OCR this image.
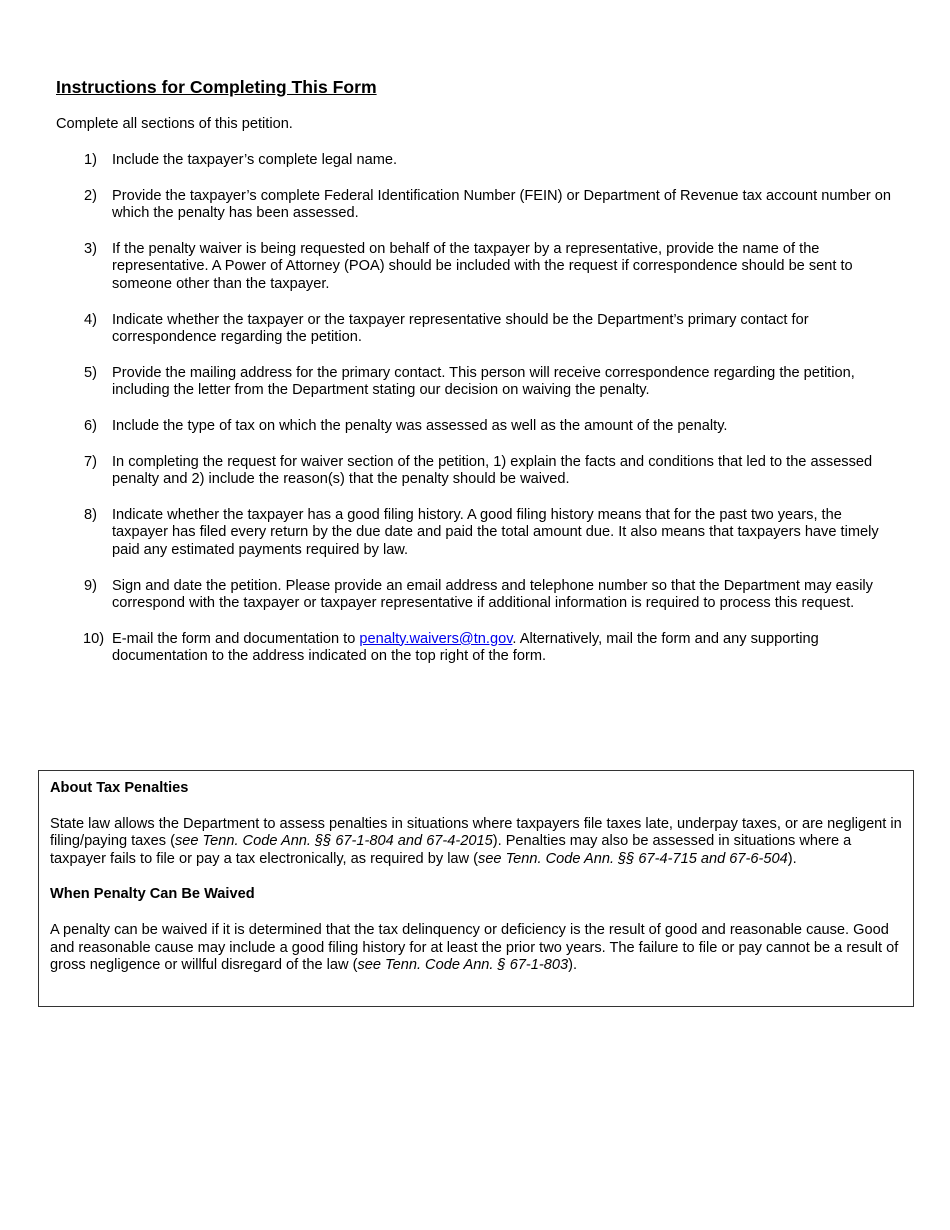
Instructions for Completing This Form
Complete all sections of this petition.
1) Include the taxpayer’s complete legal name.
2) Provide the taxpayer’s complete Federal Identification Number (FEIN) or Department of Revenue tax account number on which the penalty has been assessed.
3) If the penalty waiver is being requested on behalf of the taxpayer by a representative, provide the name of the representative. A Power of Attorney (POA) should be included with the request if correspondence should be sent to someone other than the taxpayer.
4) Indicate whether the taxpayer or the taxpayer representative should be the Department’s primary contact for correspondence regarding the petition.
5) Provide the mailing address for the primary contact. This person will receive correspondence regarding the petition, including the letter from the Department stating our decision on waiving the penalty.
6) Include the type of tax on which the penalty was assessed as well as the amount of the penalty.
7) In completing the request for waiver section of the petition, 1) explain the facts and conditions that led to the assessed penalty and 2) include the reason(s) that the penalty should be waived.
8) Indicate whether the taxpayer has a good filing history. A good filing history means that for the past two years, the taxpayer has filed every return by the due date and paid the total amount due. It also means that taxpayers have timely paid any estimated payments required by law.
9) Sign and date the petition. Please provide an email address and telephone number so that the Department may easily correspond with the taxpayer or taxpayer representative if additional information is required to process this request.
10) E-mail the form and documentation to penalty.waivers@tn.gov. Alternatively, mail the form and any supporting documentation to the address indicated on the top right of the form.
About Tax Penalties

State law allows the Department to assess penalties in situations where taxpayers file taxes late, underpay taxes, or are negligent in filing/paying taxes (see Tenn. Code Ann. §§ 67-1-804 and 67-4-2015). Penalties may also be assessed in situations where a taxpayer fails to file or pay a tax electronically, as required by law (see Tenn. Code Ann. §§ 67-4-715 and 67-6-504).

When Penalty Can Be Waived

A penalty can be waived if it is determined that the tax delinquency or deficiency is the result of good and reasonable cause. Good and reasonable cause may include a good filing history for at least the prior two years. The failure to file or pay cannot be a result of gross negligence or willful disregard of the law (see Tenn. Code Ann. § 67-1-803).
